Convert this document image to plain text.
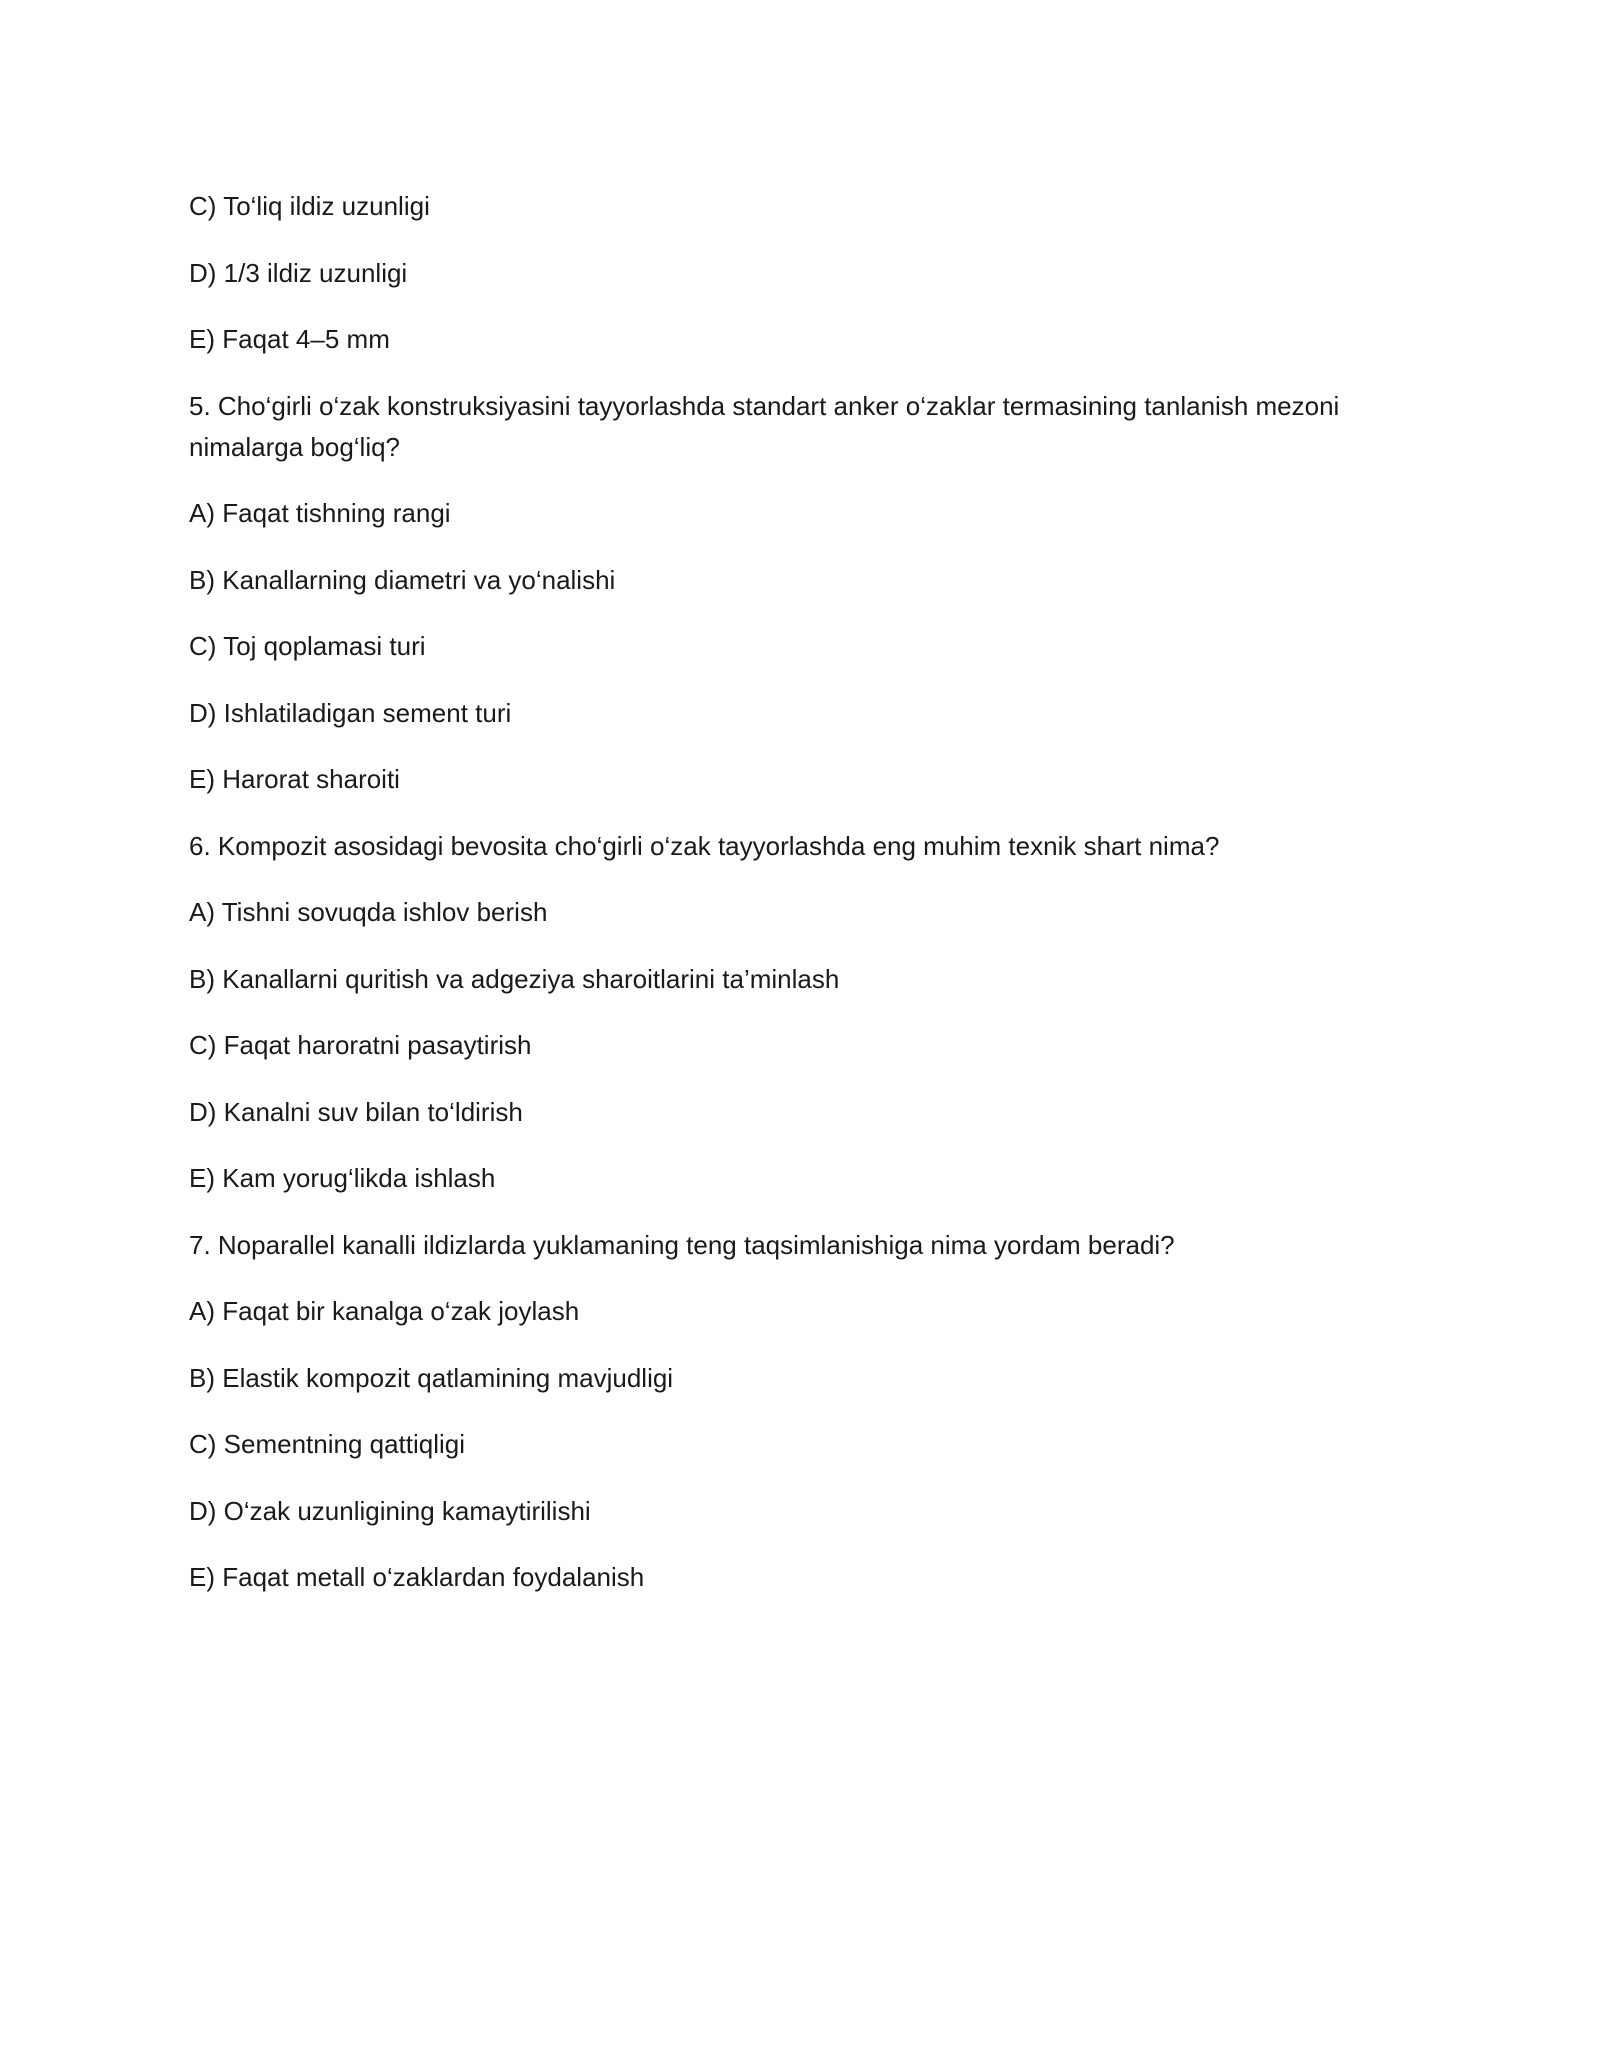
C) To‘liq ildiz uzunligi

D) 1/3 ildiz uzunligi

E) Faqat 4–5 mm

5. Cho‘girli o‘zak konstruksiyasini tayyorlashda standart anker o‘zaklar termasining tanlanish mezoni nimalarga bog‘liq?

A) Faqat tishning rangi

B) Kanallarning diametri va yo‘nalishi

C) Toj qoplamasi turi

D) Ishlatiladigan sement turi

E) Harorat sharoiti

6. Kompozit asosidagi bevosita cho‘girli o‘zak tayyorlashda eng muhim texnik shart nima?

A) Tishni sovuqda ishlov berish

B) Kanallarni quritish va adgeziya sharoitlarini ta’minlash

C) Faqat haroratni pasaytirish

D) Kanalni suv bilan to‘ldirish

E) Kam yorug‘likda ishlash

7. Noparallel kanalli ildizlarda yuklamaning teng taqsimlanishiga nima yordam beradi?

A) Faqat bir kanalga o‘zak joylash

B) Elastik kompozit qatlamining mavjudligi

C) Sementning qattiqligi

D) O‘zak uzunligining kamaytirilishi

E) Faqat metall o‘zaklardan foydalanish
